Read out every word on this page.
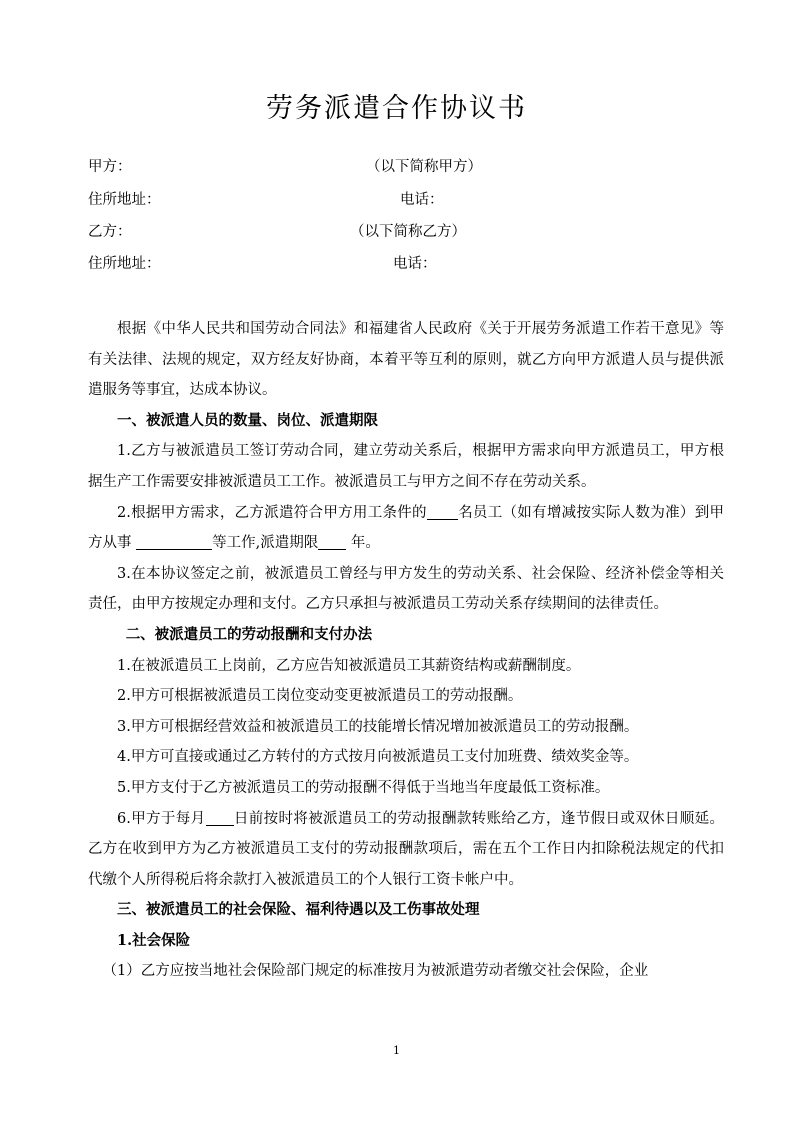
劳务派遣合作协议书
甲方：	（以下简称甲方）
住所地址：	电话：
乙方：	（以下简称乙方）
住所地址：	电话：

根据《中华人民共和国劳动合同法》和福建省人民政府《关于开展劳务派遣工作若干意见》等有关法律、法规的规定，双方经友好协商，本着平等互利的原则，就乙方向甲方派遣人员与提供派遣服务等事宜，达成本协议。

一、被派遣人员的数量、岗位、派遣期限

1.乙方与被派遣员工签订劳动合同，建立劳动关系后，根据甲方需求向甲方派遣员工，甲方根据生产工作需要安排被派遣员工工作。被派遣员工与甲方之间不存在劳动关系。

2.根据甲方需求，乙方派遣符合甲方用工条件的 名员工（如有增减按实际人数为准）到甲方从事	等工作,派遣期限 年。

3.在本协议签定之前，被派遣员工曾经与甲方发生的劳动关系、社会保险、经济补偿金等相关责任，由甲方按规定办理和支付。乙方只承担与被派遣员工劳动关系存续期间的法律责任。

二、被派遣员工的劳动报酬和支付办法

1.在被派遣员工上岗前，乙方应告知被派遣员工其薪资结构或薪酬制度。

2.甲方可根据被派遣员工岗位变动变更被派遣员工的劳动报酬。

3.甲方可根据经营效益和被派遣员工的技能增长情况增加被派遣员工的劳动报酬。

4.甲方可直接或通过乙方转付的方式按月向被派遣员工支付加班费、绩效奖金等。

5.甲方支付于乙方被派遣员工的劳动报酬不得低于当地当年度最低工资标准。

6.甲方于每月 日前按时将被派遣员工的劳动报酬款转账给乙方，逢节假日或双休日顺延。乙方在收到甲方为乙方被派遣员工支付的劳动报酬款项后，需在五个工作日内扣除税法规定的代扣代缴个人所得税后将余款打入被派遣员工的个人银行工资卡帐户中。

三、被派遣员工的社会保险、福利待遇以及工伤事故处理

1.社会保险

（1）乙方应按当地社会保险部门规定的标准按月为被派遣劳动者缴交社会保险，企业

1
